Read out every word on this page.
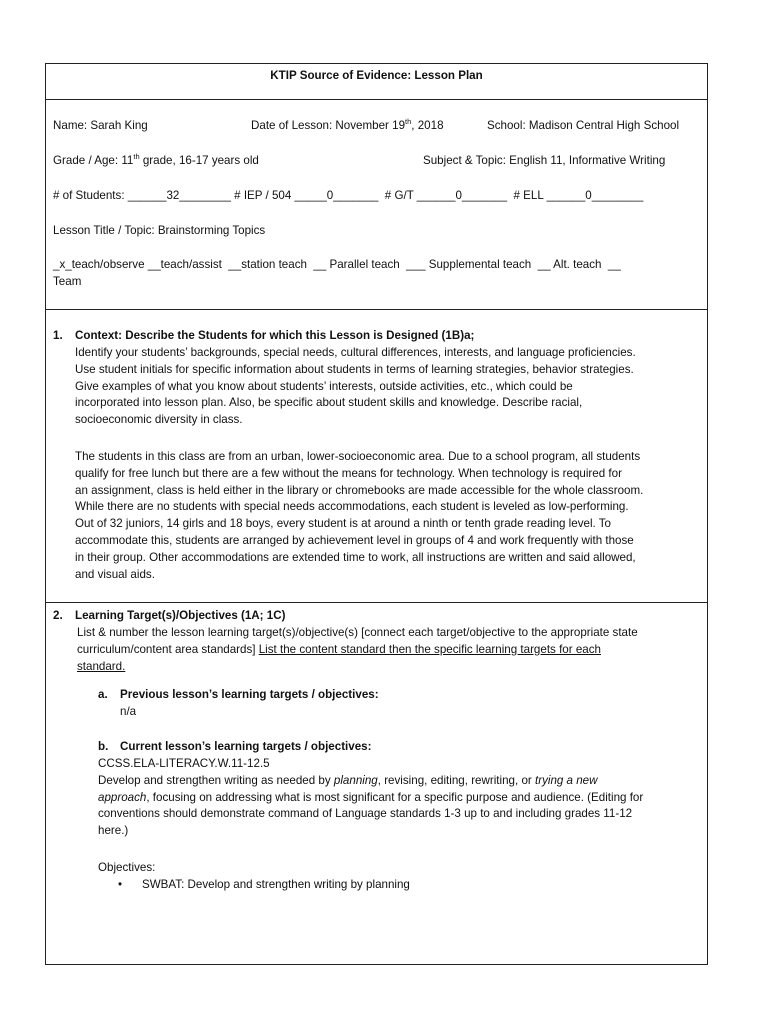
KTIP Source of Evidence: Lesson Plan
Name: Sarah King	Date of Lesson: November 19th, 2018	School: Madison Central High School
Grade / Age: 11th grade, 16-17 years old	Subject & Topic: English 11, Informative Writing
# of Students: ______32________ # IEP / 504 _____0_______  # G/T ______0_______  # ELL ______0________
Lesson Title / Topic: Brainstorming Topics
_x_teach/observe __teach/assist  __station teach  __ Parallel teach  ___ Supplemental teach  __ Alt. teach  __
Team
1. Context: Describe the Students for which this Lesson is Designed (1B)a;
Identify your students’ backgrounds, special needs, cultural differences, interests, and language proficiencies.
Use student initials for specific information about students in terms of learning strategies, behavior strategies.
Give examples of what you know about students’ interests, outside activities, etc., which could be
incorporated into lesson plan. Also, be specific about student skills and knowledge. Describe racial,
socioeconomic diversity in class.
The students in this class are from an urban, lower-socioeconomic area. Due to a school program, all students
qualify for free lunch but there are a few without the means for technology. When technology is required for
an assignment, class is held either in the library or chromebooks are made accessible for the whole classroom.
While there are no students with special needs accommodations, each student is leveled as low-performing.
Out of 32 juniors, 14 girls and 18 boys, every student is at around a ninth or tenth grade reading level. To
accommodate this, students are arranged by achievement level in groups of 4 and work frequently with those
in their group. Other accommodations are extended time to work, all instructions are written and said allowed,
and visual aids.
2. Learning Target(s)/Objectives (1A; 1C)
List & number the lesson learning target(s)/objective(s) [connect each target/objective to the appropriate state
curriculum/content area standards] List the content standard then the specific learning targets for each
standard.
a. Previous lesson’s learning targets / objectives:
n/a
b. Current lesson’s learning targets / objectives:
CCSS.ELA-LITERACY.W.11-12.5
Develop and strengthen writing as needed by planning, revising, editing, rewriting, or trying a new
approach, focusing on addressing what is most significant for a specific purpose and audience. (Editing for
conventions should demonstrate command of Language standards 1-3 up to and including grades 11-12
here.)
Objectives:
• SWBAT: Develop and strengthen writing by planning
